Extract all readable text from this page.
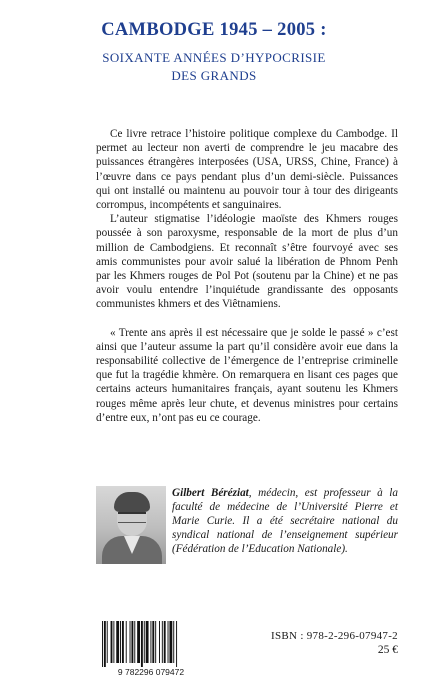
CAMBODGE 1945 – 2005 :
SOIXANTE ANNÉES D’HYPOCRISIE
DES GRANDS

Ce livre retrace l’histoire politique complexe du Cambodge. Il permet au lecteur non averti de comprendre le jeu macabre des puissances étrangères interposées (USA, URSS, Chine, France) à l’œuvre dans ce pays pendant plus d’un demi-siècle. Puissances qui ont installé ou maintenu au pouvoir tour à tour des dirigeants corrompus, incompétents et sanguinaires.

L’auteur stigmatise l’idéologie maoïste des Khmers rouges poussée à son paroxysme, responsable de la mort de plus d’un million de Cambodgiens. Et reconnaît s’être fourvoyé avec ses amis communistes pour avoir salué la libération de Phnom Penh par les Khmers rouges de Pol Pot (soutenu par la Chine) et ne pas avoir voulu entendre l’inquiétude grandissante des opposants communistes khmers et des Viêtnamiens.

« Trente ans après il est nécessaire que je solde le passé » c’est ainsi que l’auteur assume la part qu’il considère avoir eue dans la responsabilité collective de l’émergence de l’entreprise criminelle que fut la tragédie khmère. On remarquera en lisant ces pages que certains acteurs humanitaires français, ayant soutenu les Khmers rouges même après leur chute, et devenus ministres pour certains d’entre eux, n’ont pas eu ce courage.

Gilbert Béréziat, médecin, est professeur à la faculté de médecine de l’Université Pierre et Marie Curie. Il a été secrétaire national du syndical national de l’enseignement supérieur (Fédération de l’Education Nationale).

9 782296 079472

ISBN : 978-2-296-07947-2

25 €
